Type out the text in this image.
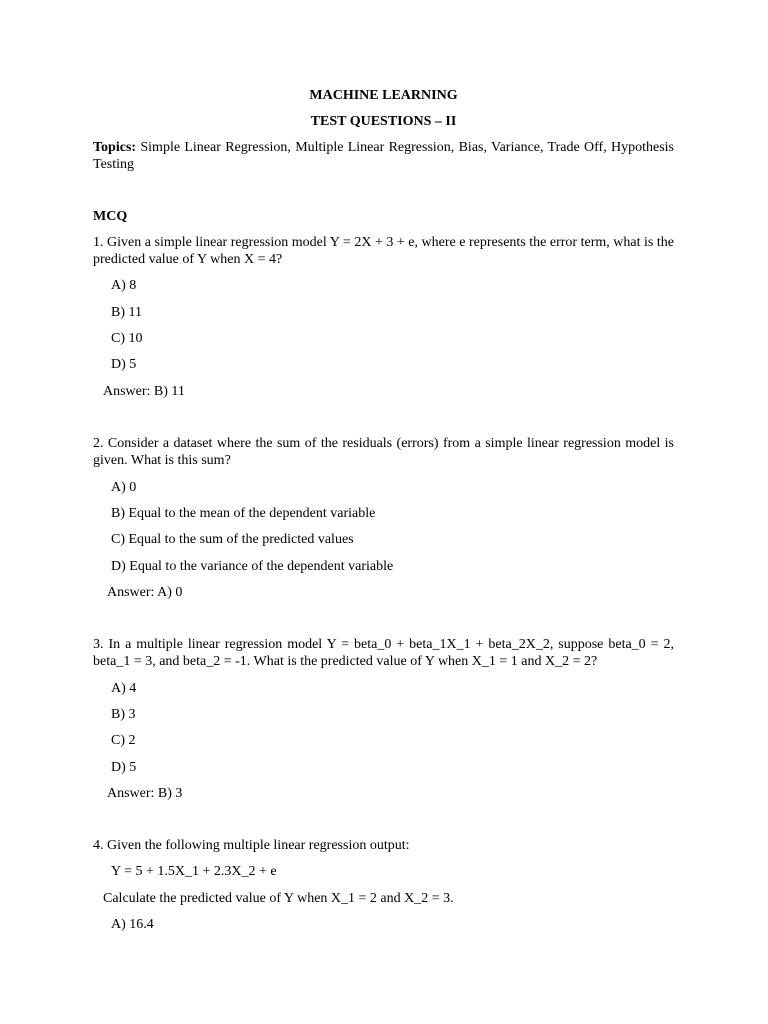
MACHINE LEARNING
TEST QUESTIONS – II
Topics: Simple Linear Regression, Multiple Linear Regression, Bias, Variance, Trade Off, Hypothesis Testing
MCQ
1. Given a simple linear regression model Y = 2X + 3 + e, where e represents the error term, what is the predicted value of Y when X = 4?
A) 8
B) 11
C) 10
D) 5
Answer: B) 11
2. Consider a dataset where the sum of the residuals (errors) from a simple linear regression model is given. What is this sum?
A) 0
B) Equal to the mean of the dependent variable
C) Equal to the sum of the predicted values
D) Equal to the variance of the dependent variable
Answer: A) 0
3. In a multiple linear regression model Y = beta_0 + beta_1X_1 + beta_2X_2, suppose beta_0 = 2, beta_1 = 3, and beta_2 = -1. What is the predicted value of Y when X_1 = 1 and X_2 = 2?
A) 4
B) 3
C) 2
D) 5
Answer: B) 3
4. Given the following multiple linear regression output:
Y = 5 + 1.5X_1 + 2.3X_2 + e
Calculate the predicted value of Y when X_1 = 2 and X_2 = 3.
A) 16.4
